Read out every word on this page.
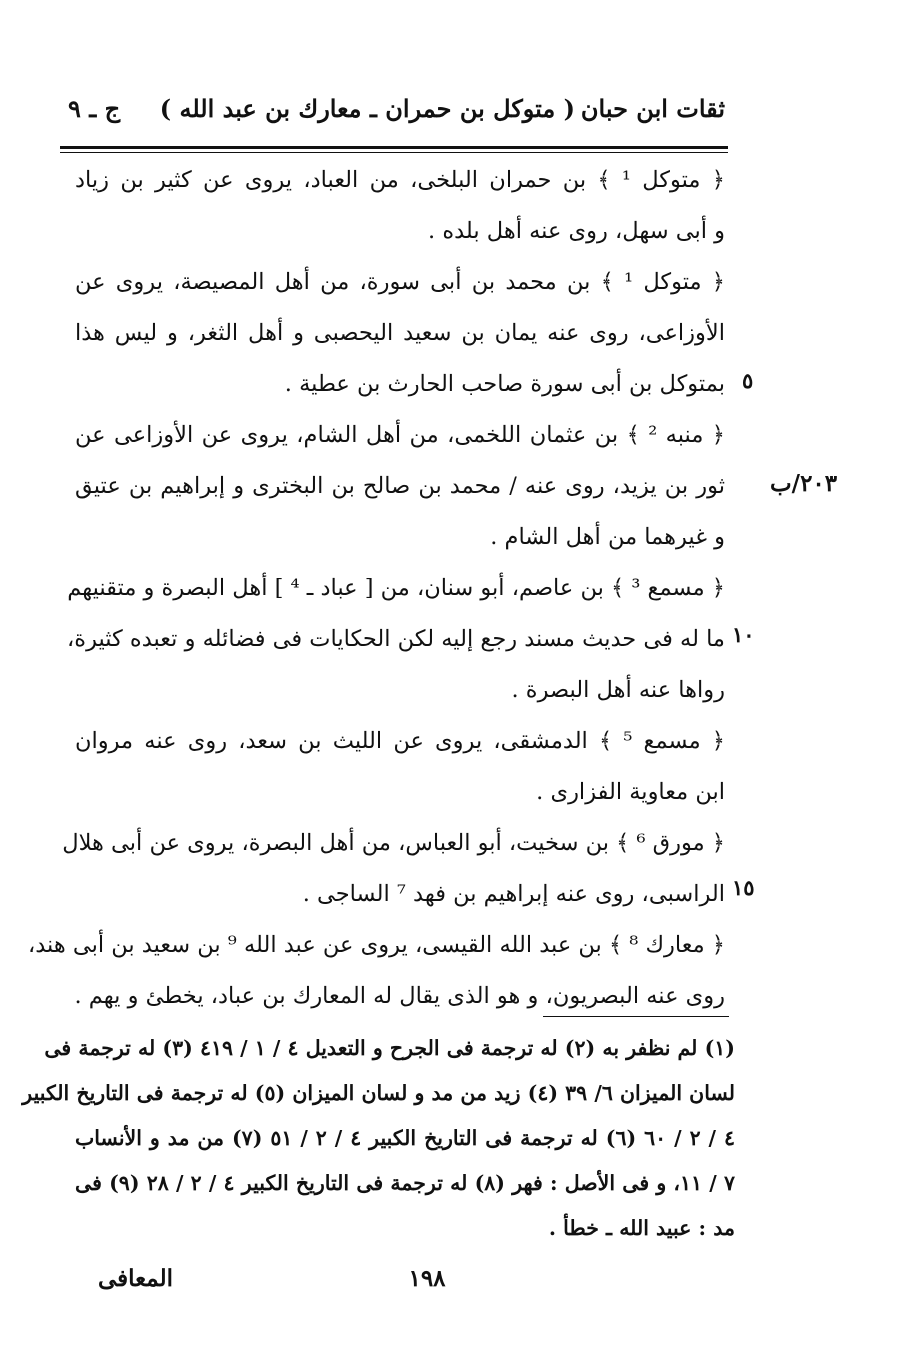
ثقات ابن حبان
( متوكل بن حمران ـ معارك بن عبد الله )
ج ـ ٩
﴿ متوكل ¹ ﴾ بن حمران البلخى، من العباد، يروى عن كثير بن زياد
و أبى سهل، روى عنه أهل بلده .
﴿ متوكل ¹ ﴾ بن محمد بن أبى سورة، من أهل المصيصة، يروى عن
الأوزاعى، روى عنه يمان بن سعيد اليحصبى و أهل الثغر، و ليس هذا
بمتوكل بن أبى سورة صاحب الحارث بن عطية .
﴿ منبه ² ﴾ بن عثمان اللخمى، من أهل الشام، يروى عن الأوزاعى عن
ثور بن يزيد، روى عنه / محمد بن صالح بن البخترى و إبراهيم بن عتيق
و غيرهما من أهل الشام .
﴿ مسمع ³ ﴾ بن عاصم، أبو سنان، من [ عباد ـ ⁴ ] أهل البصرة و متقنيهم
ما له فى حديث مسند رجع إليه لكن الحكايات فى فضائله و تعبده كثيرة،
رواها عنه أهل البصرة .
﴿ مسمع ⁵ ﴾ الدمشقى، يروى عن الليث بن سعد، روى عنه مروان
ابن معاوية الفزارى .
﴿ مورق ⁶ ﴾ بن سخيت، أبو العباس، من أهل البصرة، يروى عن أبى هلال
الراسبى، روى عنه إبراهيم بن فهد ⁷ الساجى .
﴿ معارك ⁸ ﴾ بن عبد الله القيسى، يروى عن عبد الله ⁹ بن سعيد بن أبى هند،
روى عنه البصريون، و هو الذى يقال له المعارك بن عباد، يخطئ و يهم .
٥
١٠
١٥
٢٠٣/ب
(١) لم نظفر به (٢) له ترجمة فى الجرح و التعديل ٤ / ١ / ٤١٩ (٣) له ترجمة فى
لسان الميزان ٦/ ٣٩ (٤) زيد من مد و لسان الميزان (٥) له ترجمة فى التاريخ الكبير
٤ / ٢ / ٦٠ (٦) له ترجمة فى التاريخ الكبير ٤ / ٢ / ٥١ (٧) من مد و الأنساب
٧ / ١١، و فى الأصل : فهر (٨) له ترجمة فى التاريخ الكبير ٤ / ٢ / ٢٨ (٩) فى
مد : عبيد الله ـ خطأ .
١٩٨
المعافى
